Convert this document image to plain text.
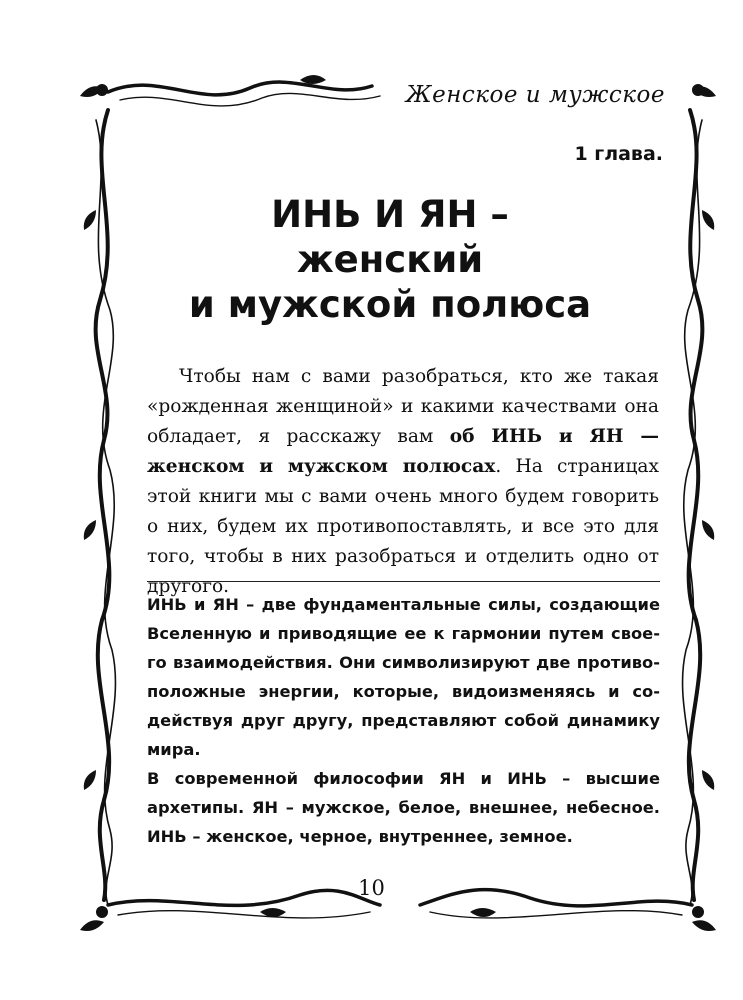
Женское и мужское
1 глава.
ИНЬ И ЯН –
женский
и мужской полюса

Чтобы нам с вами разобраться, кто же такая «рожденная женщиной» и какими качествами она обладает, я расскажу вам об ИНЬ и ЯН — женском и мужском полюсах. На страницах этой книги мы с вами очень много будем говорить о них, будем их противопоставлять, и все это для того, чтобы в них разобраться и отделить одно от другого.

ИНЬ и ЯН – две фундаментальные силы, создающие Вселенную и приводящие ее к гармонии путем своего взаимодействия. Они символизируют две противоположные энергии, которые, видоизменяясь и содействуя друг другу, представляют собой динамику мира.

В современной философии ЯН и ИНЬ – высшие архетипы. ЯН – мужское, белое, внешнее, небесное. ИНЬ – женское, черное, внутреннее, земное.

10
